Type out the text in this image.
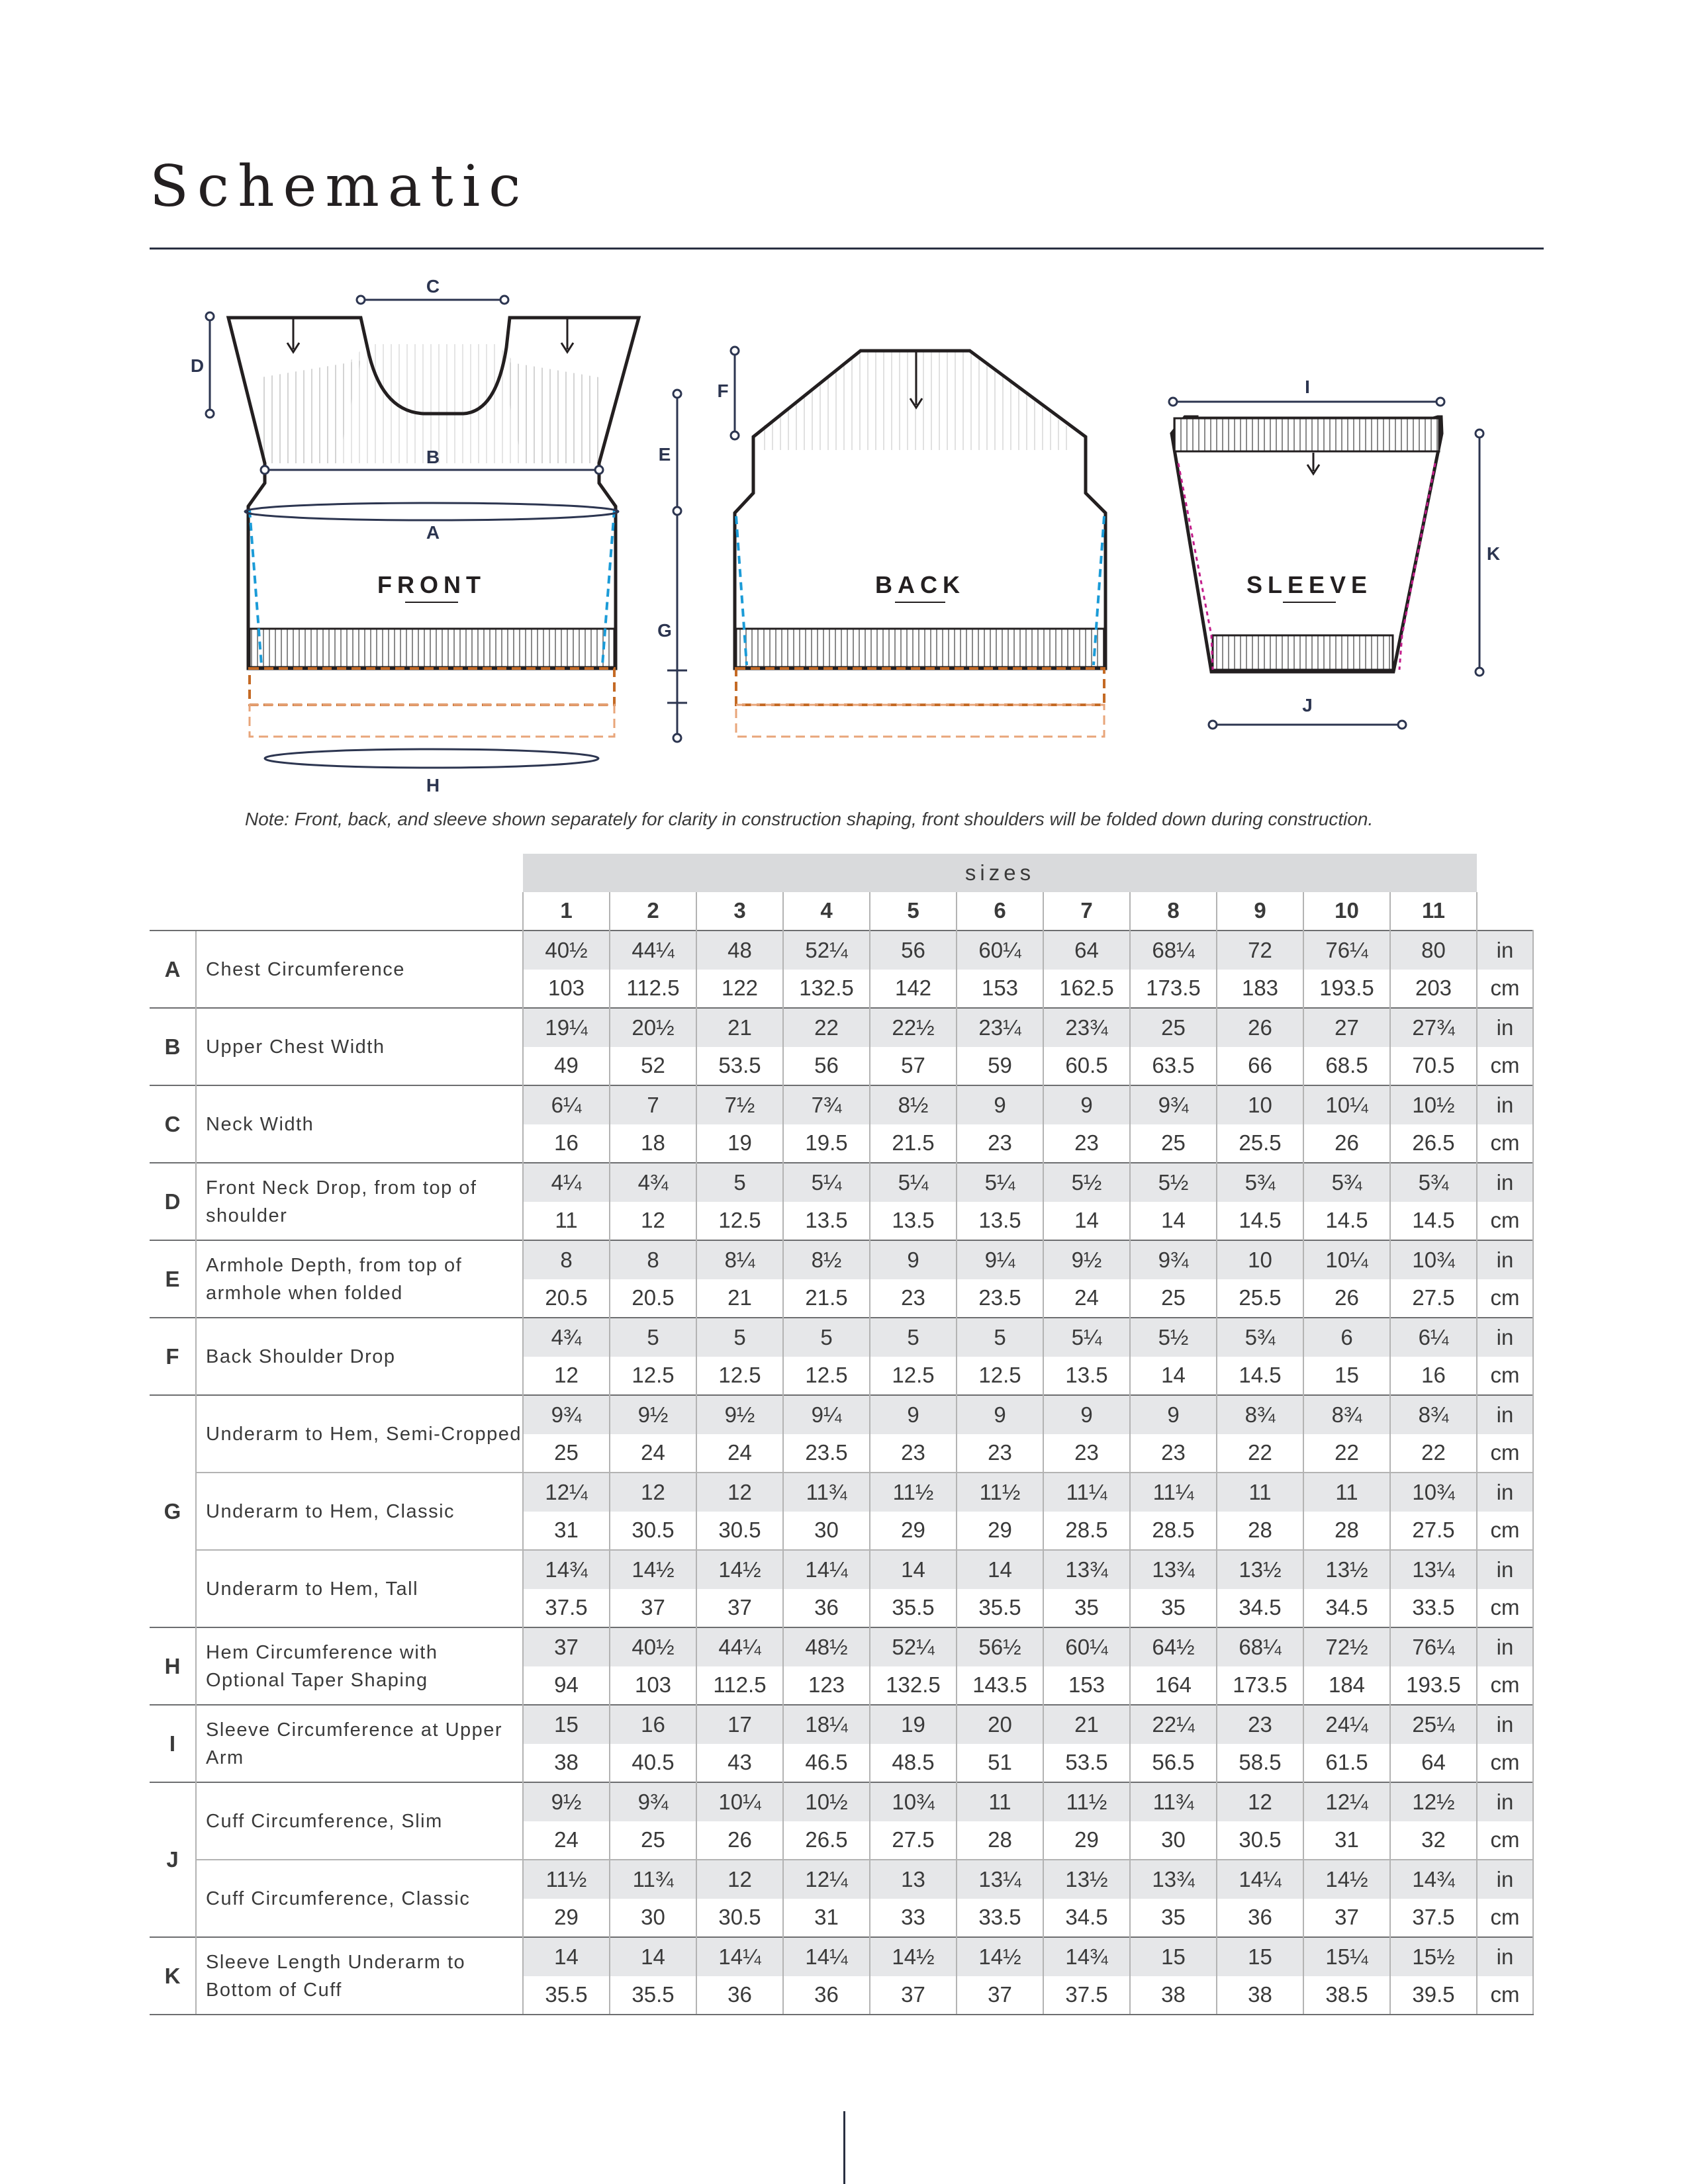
Schematic
FRONT
C
D
B
A
H
E
G
BACK
F
SLEEVE
I
J
K
Note: Front, back, and sleeve shown separately for clarity in construction shaping, front shoulders will be folded down during construction.
		sizes											
		1	2	3	4	5	6	7	8	9	10	11	
A	Chest Circumference	40½	44¼	48	52¼	56	60¼	64	68¼	72	76¼	80	in
		103	112.5	122	132.5	142	153	162.5	173.5	183	193.5	203	cm
B	Upper Chest Width	19¼	20½	21	22	22½	23¼	23¾	25	26	27	27¾	in
		49	52	53.5	56	57	59	60.5	63.5	66	68.5	70.5	cm
C	Neck Width	6¼	7	7½	7¾	8½	9	9	9¾	10	10¼	10½	in
		16	18	19	19.5	21.5	23	23	25	25.5	26	26.5	cm
D	Front Neck Drop, from top of shoulder	4¼	4¾	5	5¼	5¼	5¼	5½	5½	5¾	5¾	5¾	in
		11	12	12.5	13.5	13.5	13.5	14	14	14.5	14.5	14.5	cm
E	Armhole Depth, from top of armhole when folded	8	8	8¼	8½	9	9¼	9½	9¾	10	10¼	10¾	in
		20.5	20.5	21	21.5	23	23.5	24	25	25.5	26	27.5	cm
F	Back Shoulder Drop	4¾	5	5	5	5	5	5¼	5½	5¾	6	6¼	in
		12	12.5	12.5	12.5	12.5	12.5	13.5	14	14.5	15	16	cm
G	Underarm to Hem, Semi-Cropped	9¾	9½	9½	9¼	9	9	9	9	8¾	8¾	8¾	in
		25	24	24	23.5	23	23	23	23	22	22	22	cm
	Underarm to Hem, Classic	12¼	12	12	11¾	11½	11½	11¼	11¼	11	11	10¾	in
		31	30.5	30.5	30	29	29	28.5	28.5	28	28	27.5	cm
	Underarm to Hem, Tall	14¾	14½	14½	14¼	14	14	13¾	13¾	13½	13½	13¼	in
		37.5	37	37	36	35.5	35.5	35	35	34.5	34.5	33.5	cm
H	Hem Circumference with Optional Taper Shaping	37	40½	44¼	48½	52¼	56½	60¼	64½	68¼	72½	76¼	in
		94	103	112.5	123	132.5	143.5	153	164	173.5	184	193.5	cm
I	Sleeve Circumference at Upper Arm	15	16	17	18¼	19	20	21	22¼	23	24¼	25¼	in
		38	40.5	43	46.5	48.5	51	53.5	56.5	58.5	61.5	64	cm
J	Cuff Circumference, Slim	9½	9¾	10¼	10½	10¾	11	11½	11¾	12	12¼	12½	in
		24	25	26	26.5	27.5	28	29	30	30.5	31	32	cm
	Cuff Circumference, Classic	11½	11¾	12	12¼	13	13¼	13½	13¾	14¼	14½	14¾	in
		29	30	30.5	31	33	33.5	34.5	35	36	37	37.5	cm
K	Sleeve Length Underarm to Bottom of Cuff	14	14	14¼	14¼	14½	14½	14¾	15	15	15¼	15½	in
		35.5	35.5	36	36	37	37	37.5	38	38	38.5	39.5	cm
